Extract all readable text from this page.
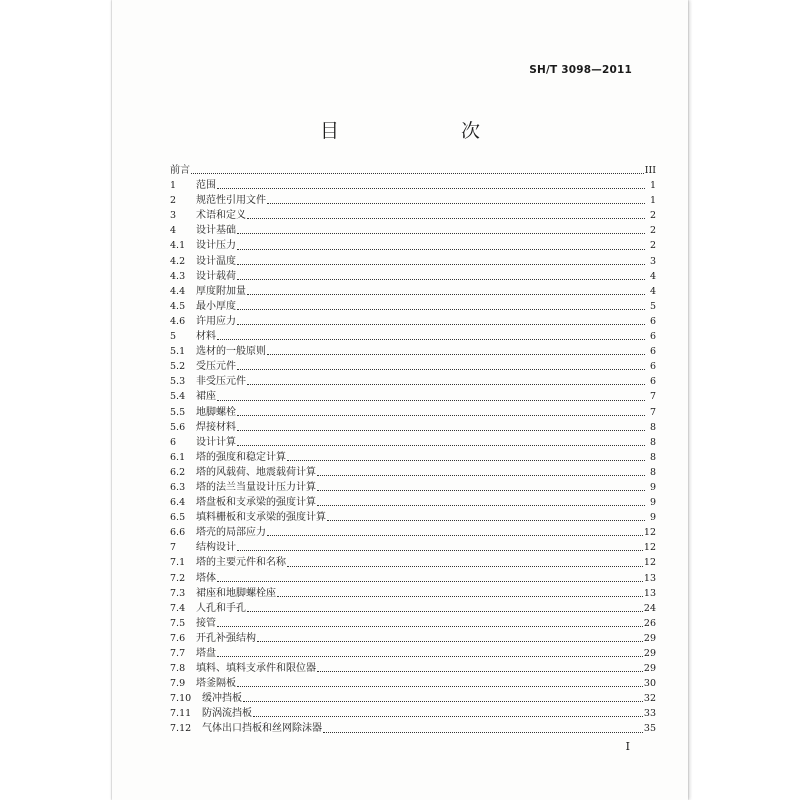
SH/T 3098—2011
目　　次
前言	III
1	范围	1
2	规范性引用文件	1
3	术语和定义	2
4	设计基础	2
4.1	设计压力	2
4.2	设计温度	3
4.3	设计载荷	4
4.4	厚度附加量	4
4.5	最小厚度	5
4.6	许用应力	6
5	材料	6
5.1	选材的一般原则	6
5.2	受压元件	6
5.3	非受压元件	6
5.4	裙座	7
5.5	地脚螺栓	7
5.6	焊接材料	8
6	设计计算	8
6.1	塔的强度和稳定计算	8
6.2	塔的风载荷、地震载荷计算	8
6.3	塔的法兰当量设计压力计算	9
6.4	塔盘板和支承梁的强度计算	9
6.5	填料栅板和支承梁的强度计算	9
6.6	塔壳的局部应力	12
7	结构设计	12
7.1	塔的主要元件和名称	12
7.2	塔体	13
7.3	裙座和地脚螺栓座	13
7.4	人孔和手孔	24
7.5	接管	26
7.6	开孔补强结构	29
7.7	塔盘	29
7.8	填料、填料支承件和限位器	29
7.9	塔釜隔板	30
7.10	缓冲挡板	32
7.11	防涡流挡板	33
7.12	气体出口挡板和丝网除沫器	35
I
